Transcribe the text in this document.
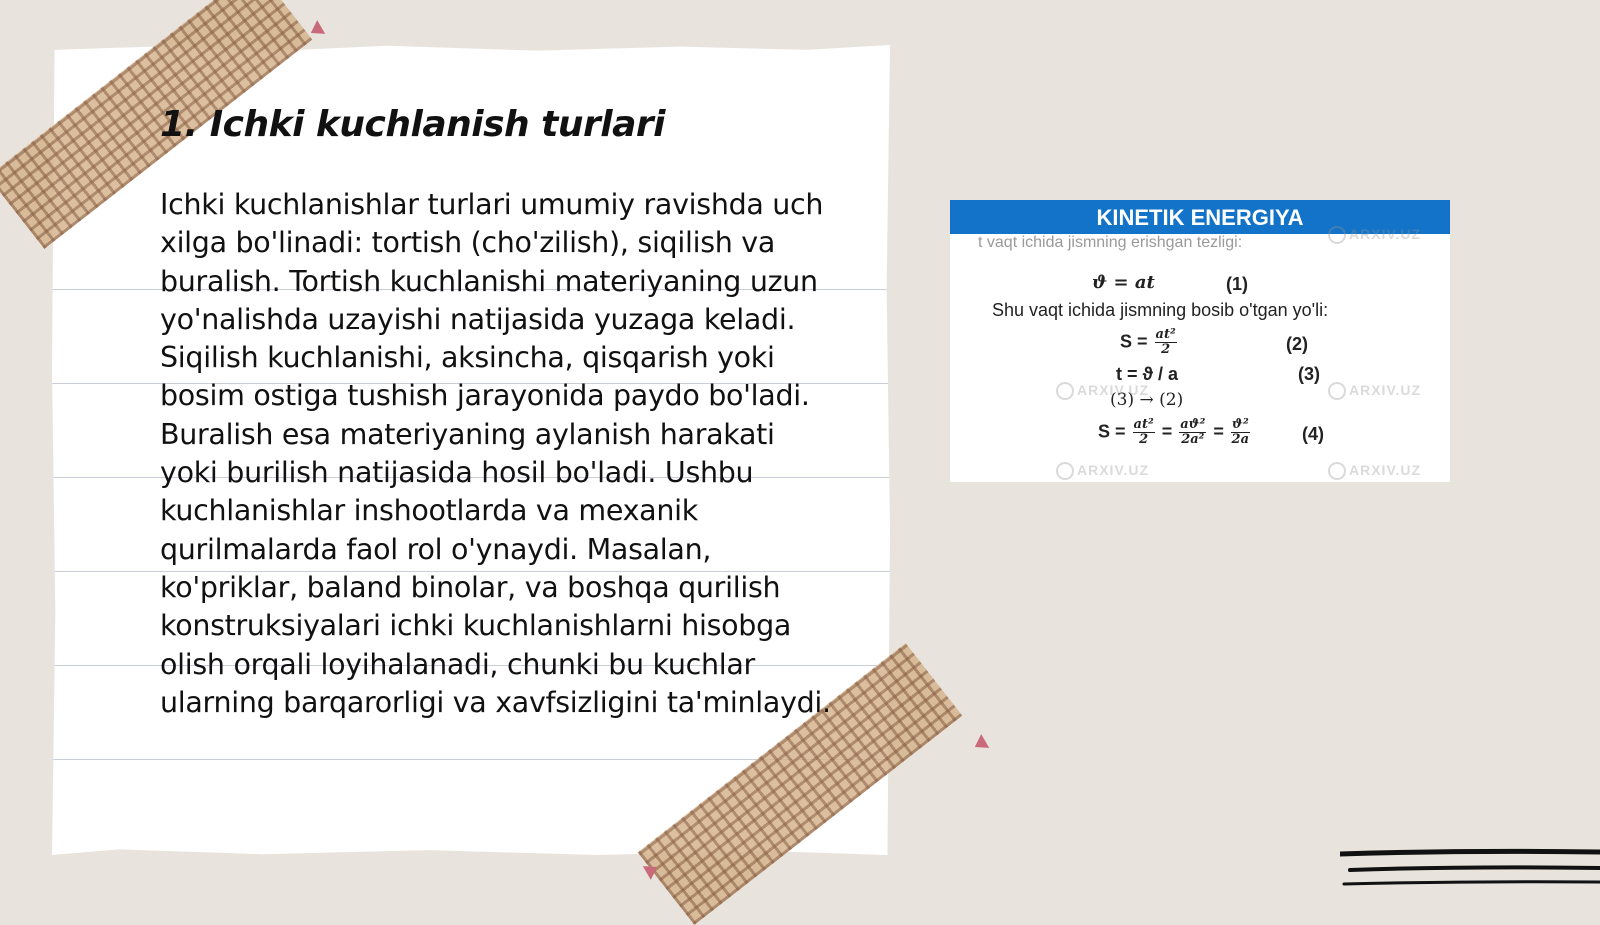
1. Ichki kuchlanish turlari

Ichki kuchlanishlar turlari umumiy ravishda uch xilga bo'linadi: tortish (cho'zilish), siqilish va buralish. Tortish kuchlanishi materiyaning uzun yo'nalishda uzayishi natijasida yuzaga keladi. Siqilish kuchlanishi, aksincha, qisqarish yoki bosim ostiga tushish jarayonida paydo bo'ladi. Buralish esa materiyaning aylanish harakati yoki burilish natijasida hosil bo'ladi. Ushbu kuchlanishlar inshootlarda va mexanik qurilmalarda faol rol o'ynaydi. Masalan, ko'priklar, baland binolar, va boshqa qurilish konstruksiyalari ichki kuchlanishlarni hisobga olish orqali loyihalanadi, chunki bu kuchlar ularning barqarorligi va xavfsizligini ta'minlaydi.

KINETIK ENERGIYA
t vaqt ichida jismning erishgan tezligi:
ϑ = at	(1)
Shu vaqt ichida jismning bosib o'tgan yo'li:
$S = \frac{\text{at²}}{2}$	(2)
t = ϑ / a	(3)
(3) → (2)
$S = \frac{\text{at²}}{2} = \frac{\text{aϑ²}}{\text{2a²}} = \frac{\text{ϑ²}}{2a}$	(4)
ARXIV.UZ
ARXIV.UZ	ARXIV.UZ
ARXIV.UZ	ARXIV.UZ
